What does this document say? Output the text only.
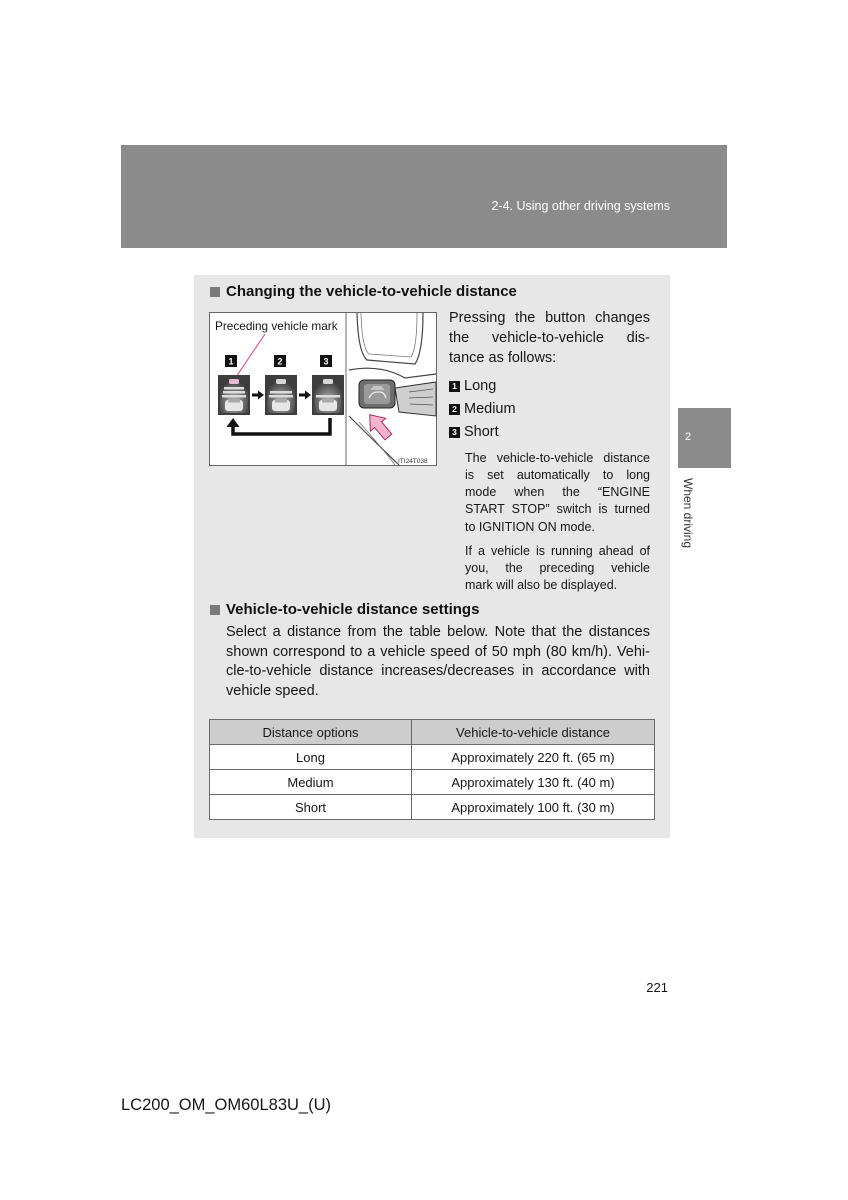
2-4. Using other driving systems
2
When driving
Changing the vehicle-to-vehicle distance
Preceding vehicle mark
1	2	3
ITI24T038
Pressing the button changes
the vehicle-to-vehicle dis-
tance as follows:
1 Long
2 Medium
3 Short
The vehicle-to-vehicle distance
is set automatically to long
mode when the “ENGINE
START STOP” switch is turned
to IGNITION ON mode.
If a vehicle is running ahead of
you, the preceding vehicle
mark will also be displayed.
Vehicle-to-vehicle distance settings
Select a distance from the table below. Note that the distances
shown correspond to a vehicle speed of 50 mph (80 km/h). Vehi-
cle-to-vehicle distance increases/decreases in accordance with
vehicle speed.
Distance options	Vehicle-to-vehicle distance
Long	Approximately 220 ft. (65 m)
Medium	Approximately 130 ft. (40 m)
Short	Approximately 100 ft. (30 m)
221
LC200_OM_OM60L83U_(U)
